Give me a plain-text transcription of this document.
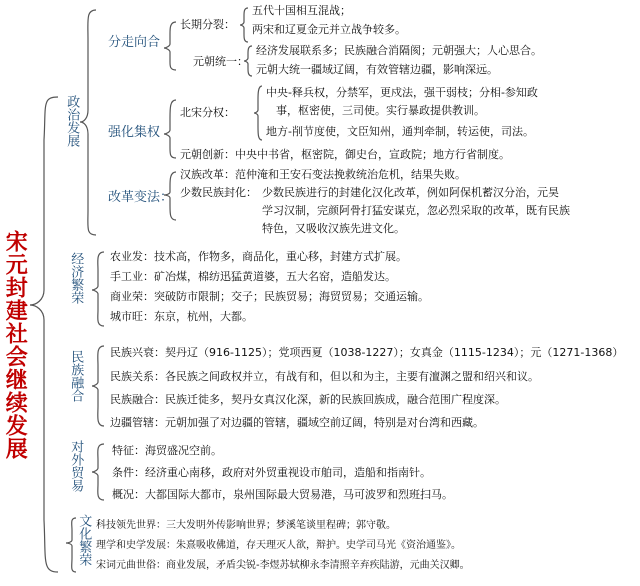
宋元封建社会继续发展
政治发展
分走向合
长期分裂：
五代十国相互混战；
两宋和辽夏金元并立战争较多。
元朝统一：
经济发展联系多；民族融合消隔阂；元朝强大；人心思合。
元朝大统一疆域辽阔，有效管辖边疆，影响深远。
强化集权
北宋分权：
中央-释兵权，分禁军，更戍法，强干弱枝；分相-参知政
事，枢密使，三司使。实行暴政提供教训。
地方-削节度使，文臣知州，通判牵制，转运使，司法。
元朝创新：中央中书省，枢密院，御史台，宣政院；地方行省制度。
改革变法：
汉族改革：范仲淹和王安石变法挽救统治危机，结果失败。
少数民族封化： 少数民族进行的封建化汉化改革，例如阿保机蓄汉分治，元昊
学习汉制，完颜阿骨打猛安谋克，忽必烈采取的改革，既有民族
特色，又吸收汉族先进文化。
经济繁荣 农业发：技术高，作物多，商品化，重心移，封建方式扩展。
手工业：矿冶煤，棉纺迅猛黄道婆，五大名窑，造船发达。
商业荣：突破防市限制；交子；民族贸易；海贸贸易；交通运输。
城市旺：东京，杭州，大都。
民族融合 民族兴衰：契丹辽（916-1125）；党项西夏（1038-1227）；女真金（1115-1234）；元（1271-1368）
民族关系：各民族之间政权并立，有战有和，但以和为主，主要有澶渊之盟和绍兴和议。
民族融合：民族迁徙多，契丹女真汉化深，新的民族回族成，融合范围广程度深。
边疆管辖：元朝加强了对边疆的管辖，疆域空前辽阔，特别是对台湾和西藏。
对外贸易	特征：海贸盛况空前。
条件：经济重心南移，政府对外贸重视设市舶司，造船和指南针。
概况：大都国际大都市，泉州国际最大贸易港，马可波罗和烈班扫马。
文化繁荣 科技领先世界：三大发明外传影响世界；梦溪笔谈里程碑；郭守敬。
理学和史学发展：朱熹吸收佛道，存天理灭人欲，辩护。史学司马光《资治通鉴》。
宋词元曲世俗：商业发展，矛盾尖锐-李煜苏轼柳永李清照辛弃疾陆游，元曲关汉卿。
